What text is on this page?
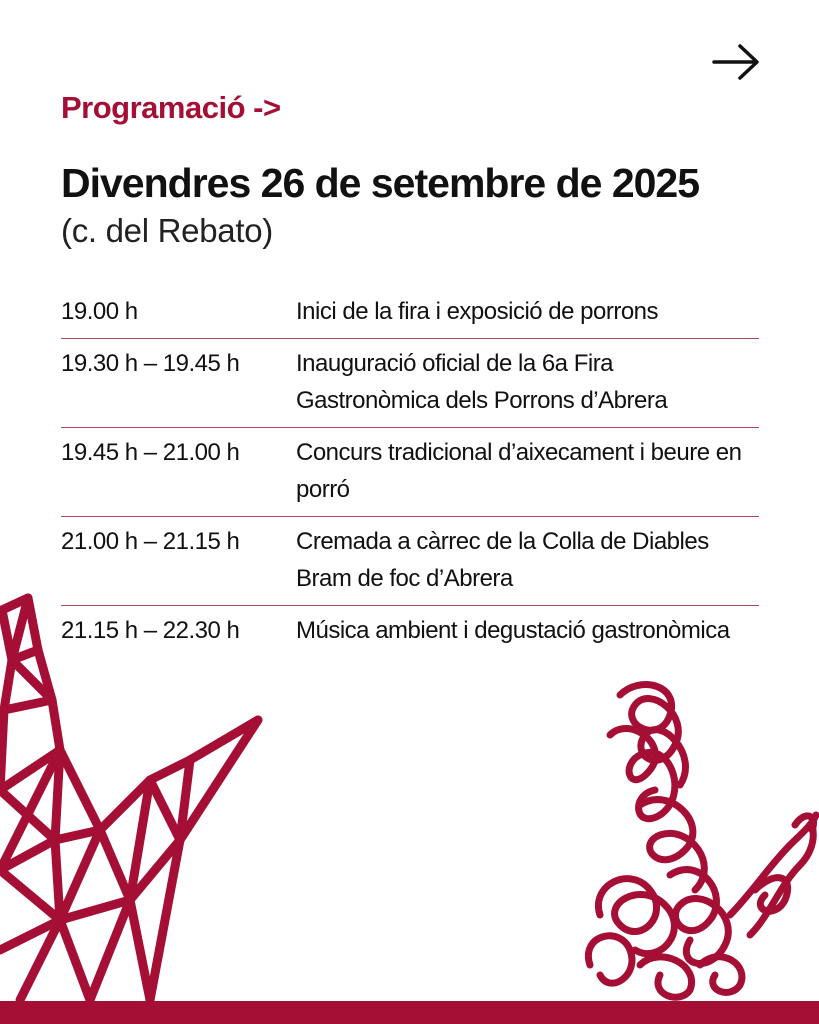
Programació ->
Divendres 26 de setembre de 2025
(c. del Rebato)
19.00 h	Inici de la fira i exposició de porrons
19.30 h – 19.45 h	Inauguració oficial de la 6a Fira Gastronòmica dels Porrons d’Abrera
19.45 h – 21.00 h	Concurs tradicional d’aixecament i beure en porró
21.00 h – 21.15 h	Cremada a càrrec de la Colla de Diables Bram de foc d’Abrera
21.15 h – 22.30 h	Música ambient i degustació gastronòmica
